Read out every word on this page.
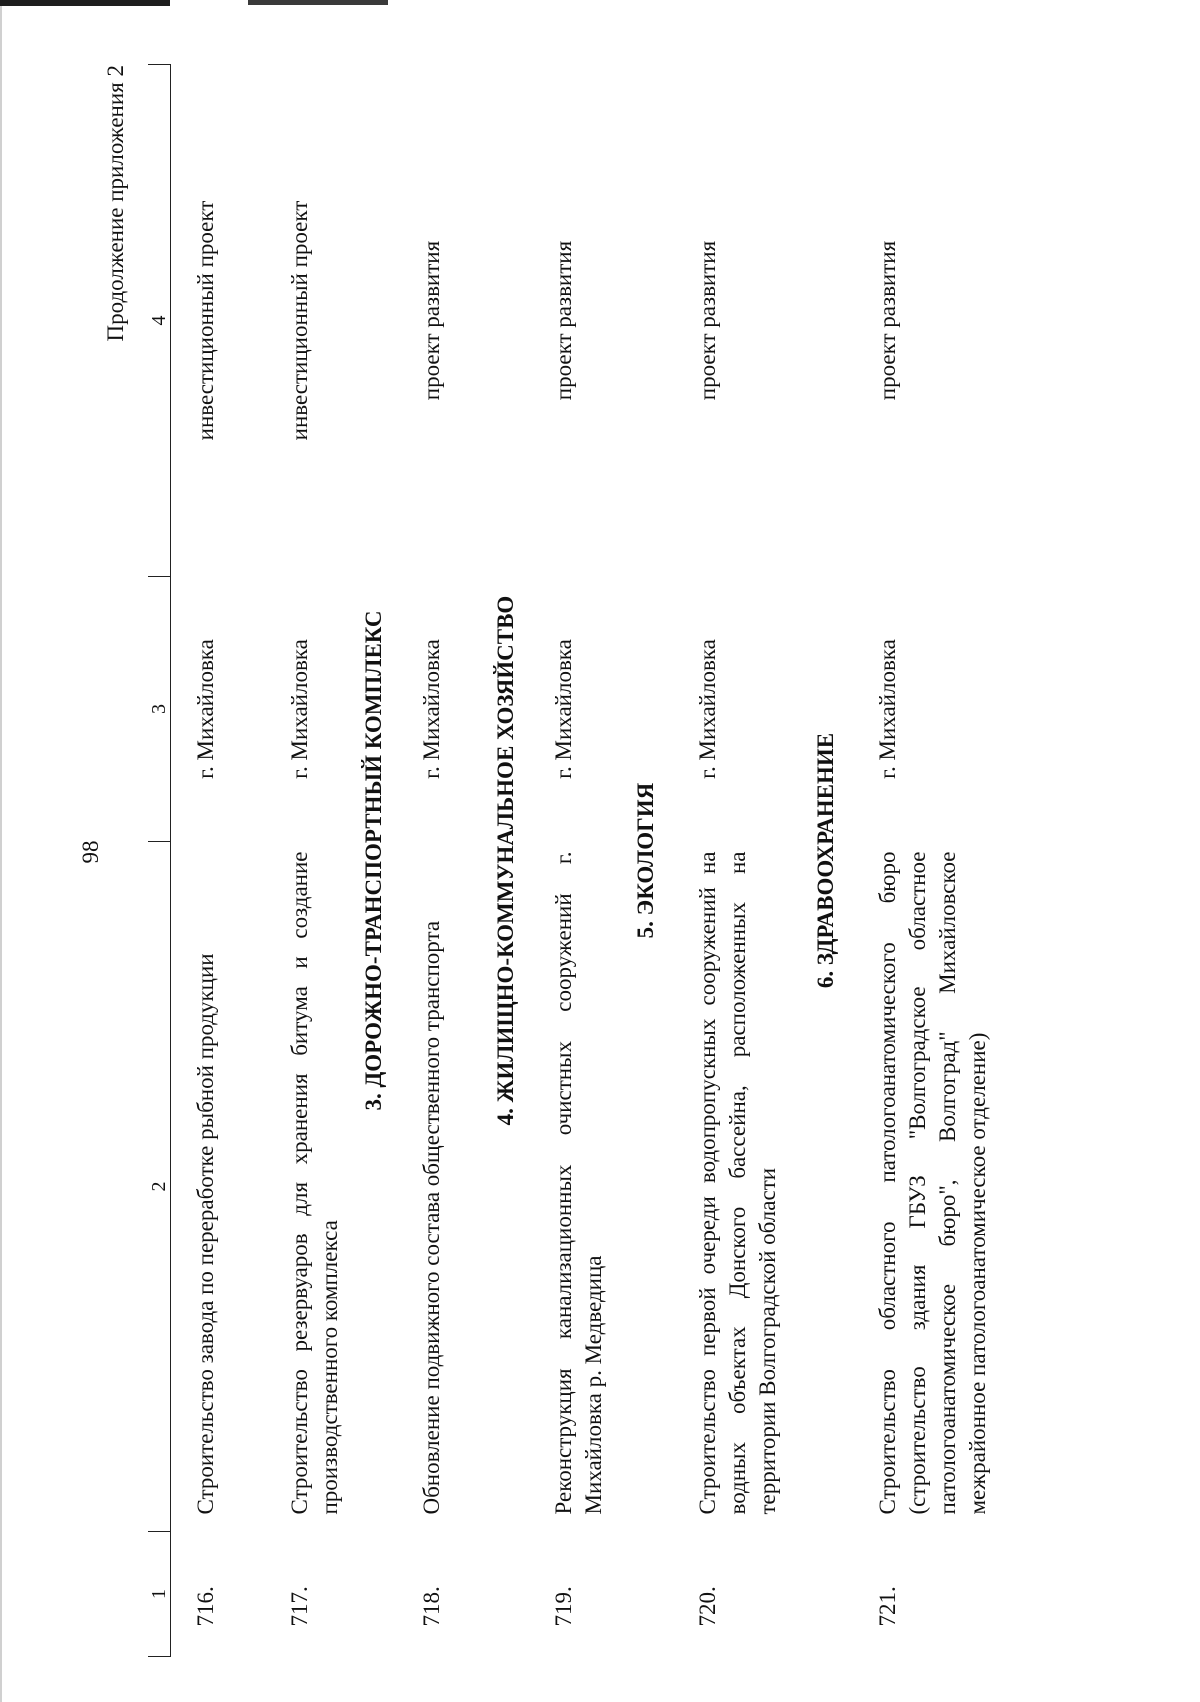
98
Продолжение приложения 2
1	2	3	4
716.	Строительство завода по переработке рыбной продукции	г. Михайловка	инвестиционный проект
717.	Строительство резервуаров для хранения битума и создание производственного комплекса	г. Михайловка	инвестиционный проект
3. ДОРОЖНО-ТРАНСПОРТНЫЙ КОМПЛЕКС			
718.	Обновление подвижного состава общественного транспорта	г. Михайловка	проект развития
4. ЖИЛИЩНО-КОММУНАЛЬНОЕ ХОЗЯЙСТВО			
719.	Реконструкция канализационных очистных сооружений г. Михайловка р. Медведица	г. Михайловка	проект развития
5. ЭКОЛОГИЯ			
720.	Строительство первой очереди водопропускных сооружений на водных объектах Донского бассейна, расположенных на территории Волгоградской области	г. Михайловка	проект развития
6. ЗДРАВООХРАНЕНИЕ			
721.	Строительство областного патологоанатомического бюро (строительство здания ГБУЗ "Волгоградское областное патологоанатомическое бюро", Волгоград" Михайловское межрайонное патологоанатомическое отделение)	г. Михайловка	проект развития
